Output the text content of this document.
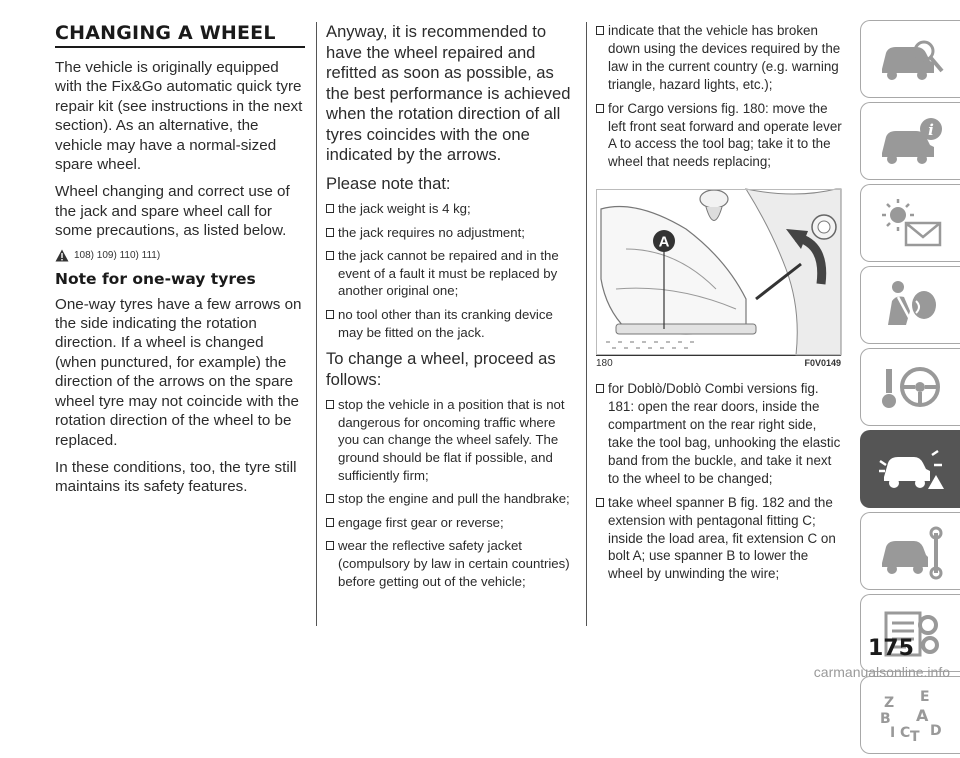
CHANGING A WHEEL

The vehicle is originally equipped with the Fix&Go automatic quick tyre repair kit (see instructions in the next section). As an alternative, the vehicle may have a normal-sized spare wheel.

Wheel changing and correct use of the jack and spare wheel call for some precautions, as listed below.

108) 109) 110) 111)
Note for one-way tyres

One-way tyres have a few arrows on the side indicating the rotation direction. If a wheel is changed (when punctured, for example) the direction of the arrows on the spare wheel tyre may not coincide with the rotation direction of the wheel to be replaced.

In these conditions, too, the tyre still maintains its safety features.

Anyway, it is recommended to have the wheel repaired and refitted as soon as possible, as the best performance is achieved when the rotation direction of all tyres coincides with the one indicated by the arrows.

Please note that:
the jack weight is 4 kg;
the jack requires no adjustment;
the jack cannot be repaired and in the event of a fault it must be replaced by another original one;
no tool other than its cranking device may be fitted on the jack.
To change a wheel, proceed as follows:
stop the vehicle in a position that is not dangerous for oncoming traffic where you can change the wheel safely. The ground should be flat if possible, and sufficiently firm;
stop the engine and pull the handbrake;
engage first gear or reverse;
wear the reflective safety jacket (compulsory by law in certain countries) before getting out of the vehicle;
indicate that the vehicle has broken down using the devices required by the law in the current country (e.g. warning triangle, hazard lights, etc.);
for Cargo versions fig. 180: move the left front seat forward and operate lever A to access the tool bag; take it to the wheel that needs replacing;
A
180	F0V0149
for Doblò/Doblò Combi versions fig. 181: open the rear doors, inside the compartment on the rear right side, take the tool bag, unhooking the elastic band from the buckle, and take it next to the wheel to be changed;
take wheel spanner B fig. 182 and the extension with pentagonal fitting C; inside the load area, fit extension C on bolt A; use spanner B to lower the wheel by unwinding the wire;
i
Z E
B A
I C T D
175
carmanualsonline.info
